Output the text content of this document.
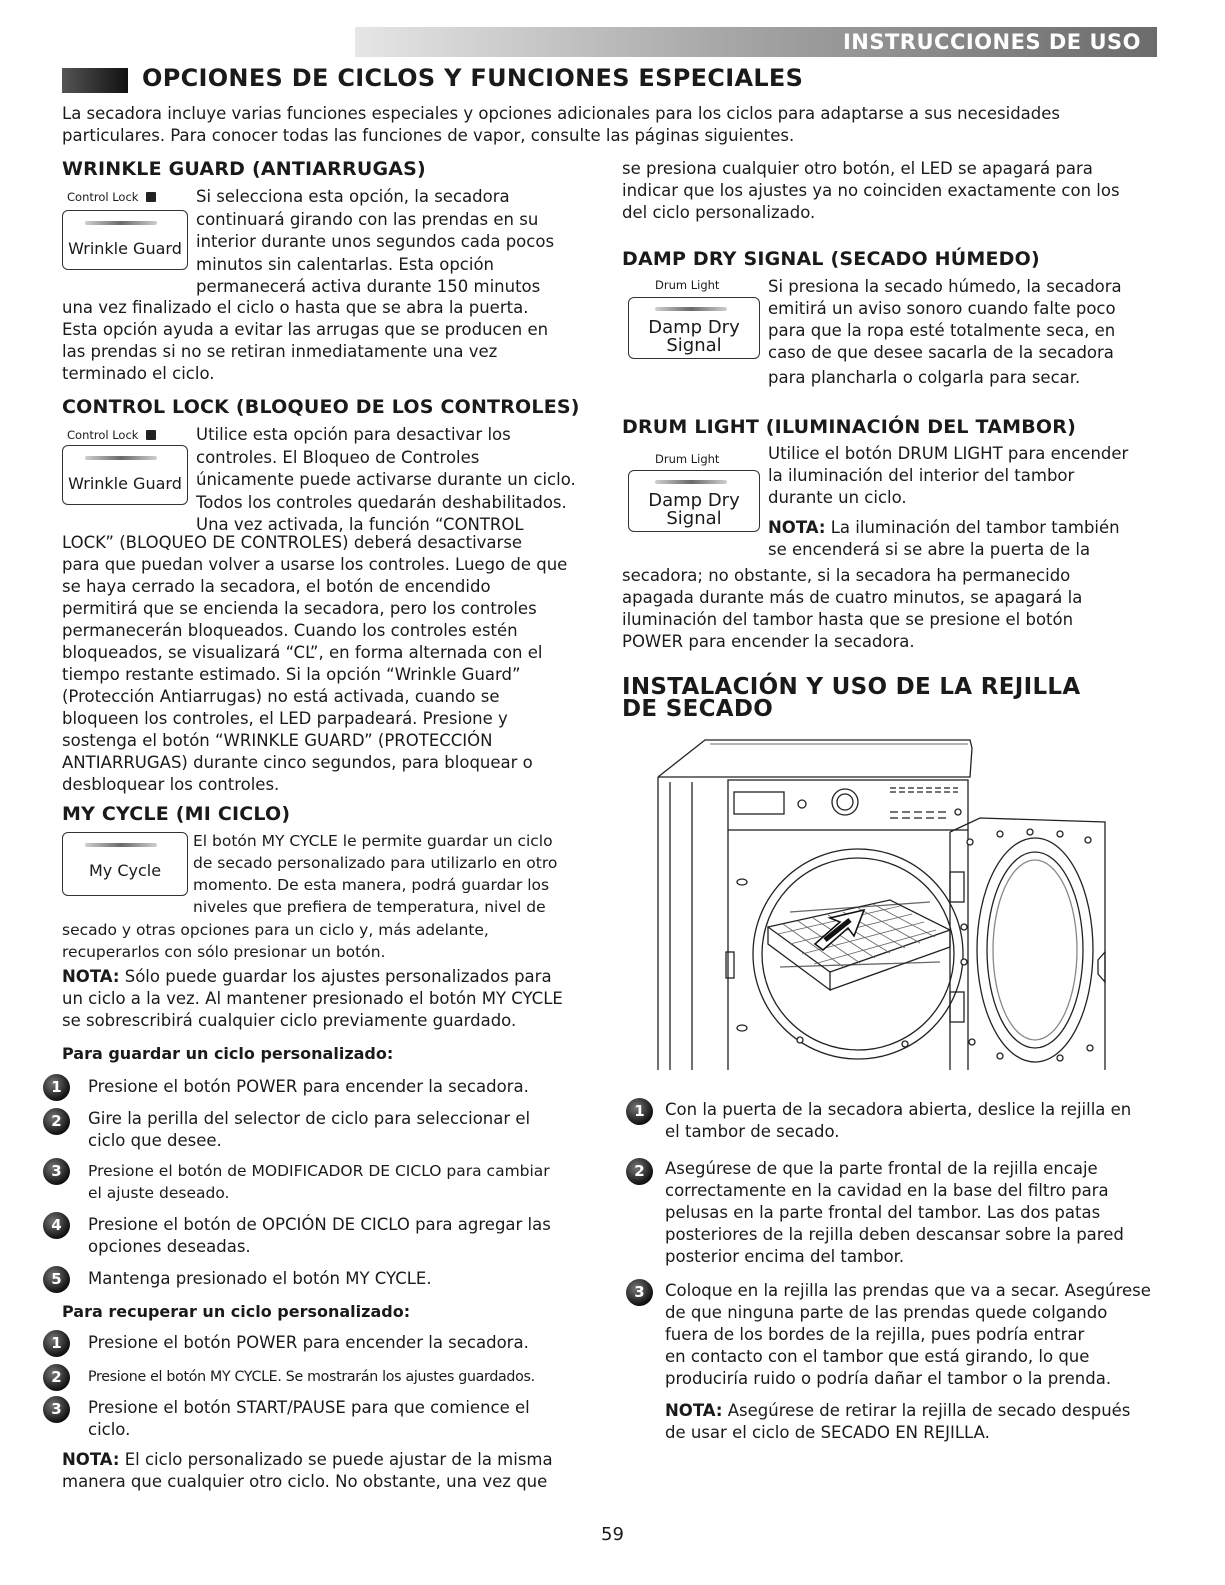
INSTRUCCIONES DE USO
OPCIONES DE CICLOS Y FUNCIONES ESPECIALES

La secadora incluye varias funciones especiales y opciones adicionales para los ciclos para adaptarse a sus necesidades

particulares. Para conocer todas las funciones de vapor, consulte las páginas siguientes.

WRINKLE GUARD (ANTIARRUGAS)
Control Lock
Wrinkle Guard

Si selecciona esta opción, la secadora

continuará girando con las prendas en su

interior durante unos segundos cada pocos

minutos sin calentarlas. Esta opción

permanecerá activa durante 150 minutos

una vez finalizado el ciclo o hasta que se abra la puerta.

Esta opción ayuda a evitar las arrugas que se producen en

las prendas si no se retiran inmediatamente una vez

terminado el ciclo.

CONTROL LOCK (BLOQUEO DE LOS CONTROLES)
Control Lock
Wrinkle Guard

Utilice esta opción para desactivar los

controles. El Bloqueo de Controles

únicamente puede activarse durante un ciclo.

Todos los controles quedarán deshabilitados.

Una vez activada, la función “CONTROL

LOCK” (BLOQUEO DE CONTROLES) deberá desactivarse

para que puedan volver a usarse los controles. Luego de que

se haya cerrado la secadora, el botón de encendido

permitirá que se encienda la secadora, pero los controles

permanecerán bloqueados. Cuando los controles estén

bloqueados, se visualizará “CL”, en forma alternada con el

tiempo restante estimado. Si la opción “Wrinkle Guard”

(Protección Antiarrugas) no está activada, cuando se

bloqueen los controles, el LED parpadeará. Presione y

sostenga el botón “WRINKLE GUARD” (PROTECCIÓN

ANTIARRUGAS) durante cinco segundos, para bloquear o

desbloquear los controles.

MY CYCLE (MI CICLO)
My Cycle

El botón MY CYCLE le permite guardar un ciclo

de secado personalizado para utilizarlo en otro

momento. De esta manera, podrá guardar los

niveles que prefiera de temperatura, nivel de

secado y otras opciones para un ciclo y, más adelante,

recuperarlos con sólo presionar un botón.

NOTA: Sólo puede guardar los ajustes personalizados para

un ciclo a la vez. Al mantener presionado el botón MY CYCLE

se sobrescribirá cualquier ciclo previamente guardado.

Para guardar un ciclo personalizado:
1	Presione el botón POWER para encender la secadora.

2	Gire la perilla del selector de ciclo para seleccionar el

ciclo que desee.

3	Presione el botón de MODIFICADOR DE CICLO para cambiar

el ajuste deseado.

4	Presione el botón de OPCIÓN DE CICLO para agregar las

opciones deseadas.

5	Mantenga presionado el botón MY CYCLE.

Para recuperar un ciclo personalizado:
1	Presione el botón POWER para encender la secadora.

2	Presione el botón MY CYCLE. Se mostrarán los ajustes guardados.

3	Presione el botón START/PAUSE para que comience el

ciclo.

NOTA: El ciclo personalizado se puede ajustar de la misma

manera que cualquier otro ciclo. No obstante, una vez que

se presiona cualquier otro botón, el LED se apagará para

indicar que los ajustes ya no coinciden exactamente con los

del ciclo personalizado.

DAMP DRY SIGNAL (SECADO HÚMEDO)
Drum Light
Damp Dry
Signal

Si presiona la secado húmedo, la secadora

emitirá un aviso sonoro cuando falte poco

para que la ropa esté totalmente seca, en

caso de que desee sacarla de la secadora

para plancharla o colgarla para secar.

DRUM LIGHT (ILUMINACIÓN DEL TAMBOR)
Drum Light
Damp Dry
Signal

Utilice el botón DRUM LIGHT para encender

la iluminación del interior del tambor

durante un ciclo.

NOTA: La iluminación del tambor también

se encenderá si se abre la puerta de la

secadora; no obstante, si la secadora ha permanecido

apagada durante más de cuatro minutos, se apagará la

iluminación del tambor hasta que se presione el botón

POWER para encender la secadora.

INSTALACIÓN Y USO DE LA REJILLA

DE SECADO

1	Con la puerta de la secadora abierta, deslice la rejilla en

el tambor de secado.

2	Asegúrese de que la parte frontal de la rejilla encaje

correctamente en la cavidad en la base del filtro para

pelusas en la parte frontal del tambor. Las dos patas

posteriores de la rejilla deben descansar sobre la pared

posterior encima del tambor.

3	Coloque en la rejilla las prendas que va a secar. Asegúrese

de que ninguna parte de las prendas quede colgando

fuera de los bordes de la rejilla, pues podría entrar

en contacto con el tambor que está girando, lo que

produciría ruido o podría dañar el tambor o la prenda.

NOTA: Asegúrese de retirar la rejilla de secado después

de usar el ciclo de SECADO EN REJILLA.

59
